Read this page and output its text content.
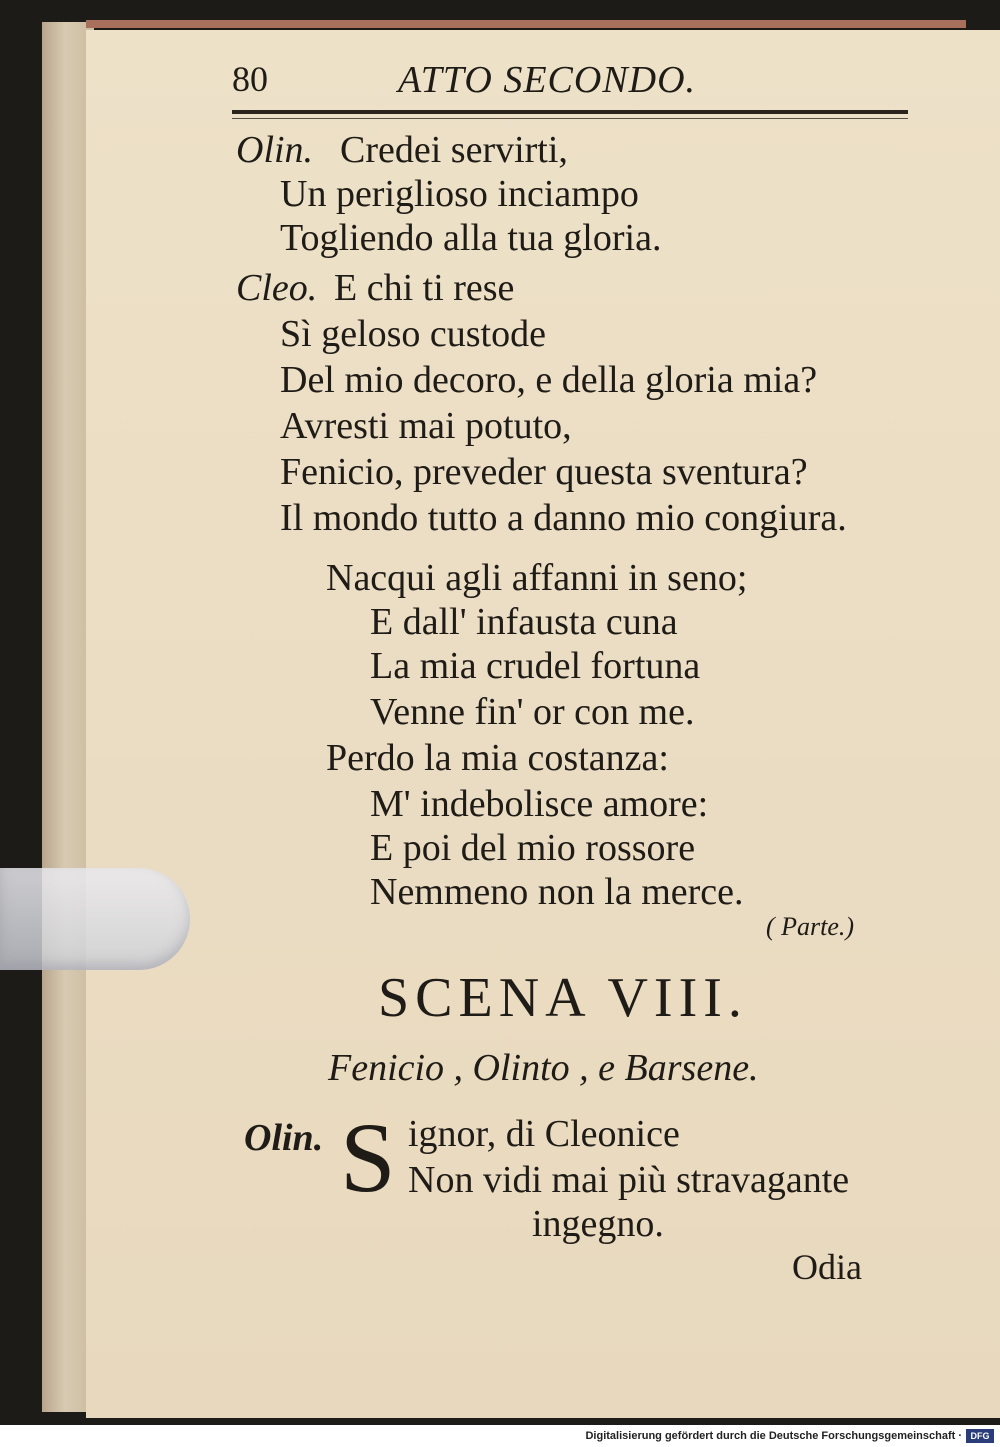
80	ATTO SECONDO.
Olin. Credei servirti,
Un periglioso inciampo
Togliendo alla tua gloria.
Cleo. E chi ti rese
Sì geloso custode
Del mio decoro, e della gloria mia?
Avresti mai potuto,
Fenicio, preveder questa sventura?
Il mondo tutto a danno mio congiura.
Nacqui agli affanni in seno;
E dall' infausta cuna
La mia crudel fortuna
Venne fin' or con me.
Perdo la mia costanza:
M' indebolisce amore:
E poi del mio rossore
Nemmeno non la merce.
( Parte.)
SCENA VIII.
Fenicio , Olinto , e Barsene.
Olin. S ignor, di Cleonice
Non vidi mai più stravagante
ingegno.
Odia
Digitalisierung gefördert durch die Deutsche Forschungsgemeinschaft · DFG
